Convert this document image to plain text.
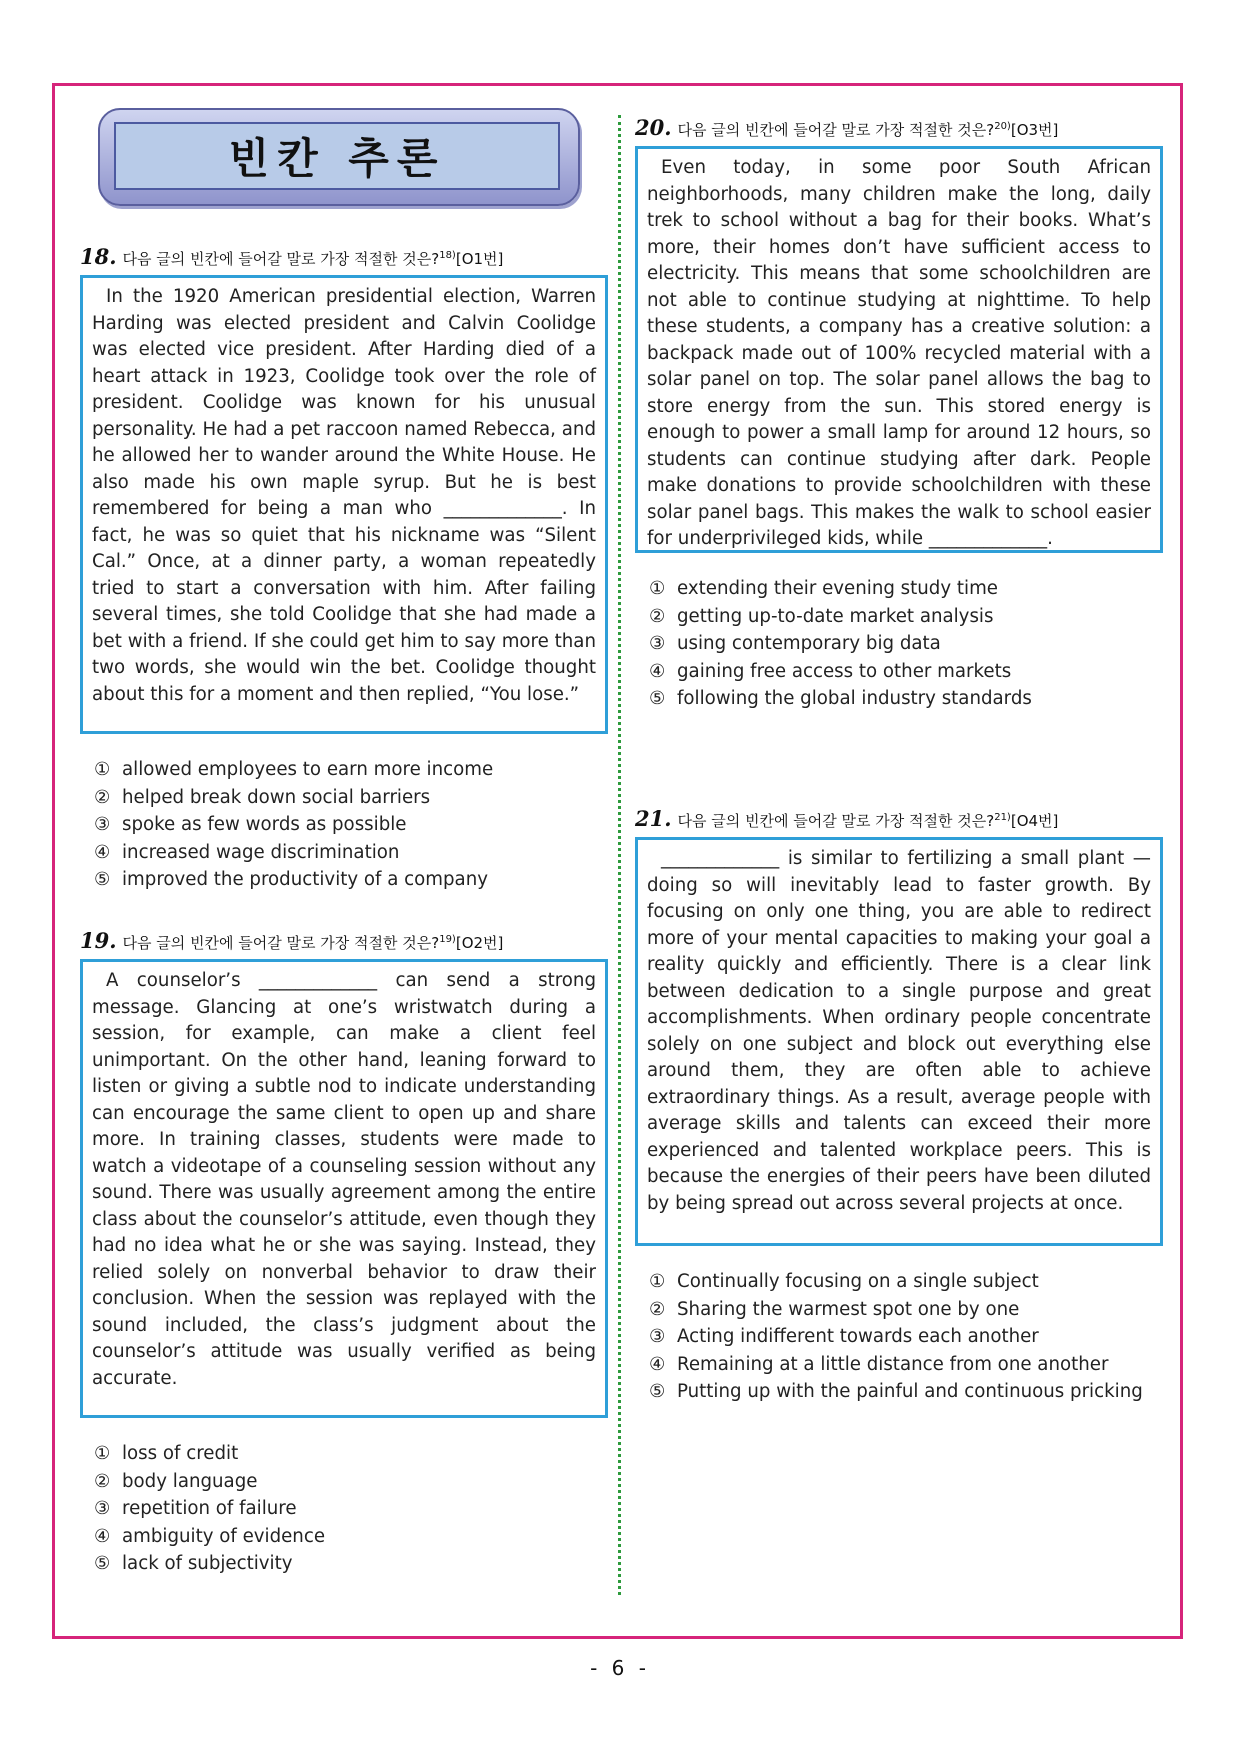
빈칸 추론
18. 다음 글의 빈칸에 들어갈 말로 가장 적절한 것은?$^{18)}$[O1번]

In the 1920 American presidential election, Warren Harding was elected president and Calvin Coolidge was elected vice president. After Harding died of a heart attack in 1923, Coolidge took over the role of president. Coolidge was known for his unusual personality. He had a pet raccoon named Rebecca, and he allowed her to wander around the White House. He also made his own maple syrup. But he is best remembered for being a man who _____________. In fact, he was so quiet that his nickname was “Silent Cal.” Once, at a dinner party, a woman repeatedly tried to start a conversation with him. After failing several times, she told Coolidge that she had made a bet with a friend. If she could get him to say more than two words, she would win the bet. Coolidge thought about this for a moment and then replied, “You lose.”

① allowed employees to earn more income
② helped break down social barriers
③ spoke as few words as possible
④ increased wage discrimination
⑤ improved the productivity of a company
19. 다음 글의 빈칸에 들어갈 말로 가장 적절한 것은?$^{19)}$[O2번]

A counselor’s _____________ can send a strong message. Glancing at one’s wristwatch during a session, for example, can make a client feel unimportant. On the other hand, leaning forward to listen or giving a subtle nod to indicate understanding can encourage the same client to open up and share more. In training classes, students were made to watch a videotape of a counseling session without any sound. There was usually agreement among the entire class about the counselor’s attitude, even though they had no idea what he or she was saying. Instead, they relied solely on nonverbal behavior to draw their conclusion. When the session was replayed with the sound included, the class’s judgment about the counselor’s attitude was usually verified as being accurate.

① loss of credit
② body language
③ repetition of failure
④ ambiguity of evidence
⑤ lack of subjectivity
20. 다음 글의 빈칸에 들어갈 말로 가장 적절한 것은?$^{20)}$[O3번]

Even today, in some poor South African neighborhoods, many children make the long, daily trek to school without a bag for their books. What’s more, their homes don’t have sufficient access to electricity. This means that some schoolchildren are not able to continue studying at nighttime. To help these students, a company has a creative solution: a backpack made out of 100% recycled material with a solar panel on top. The solar panel allows the bag to store energy from the sun. This stored energy is enough to power a small lamp for around 12 hours, so students can continue studying after dark. People make donations to provide schoolchildren with these solar panel bags. This makes the walk to school easier for underprivileged kids, while _____________.

① extending their evening study time
② getting up-to-date market analysis
③ using contemporary big data
④ gaining free access to other markets
⑤ following the global industry standards
21. 다음 글의 빈칸에 들어갈 말로 가장 적절한 것은?$^{21)}$[O4번]

_____________ is similar to fertilizing a small plant —doing so will inevitably lead to faster growth. By focusing on only one thing, you are able to redirect more of your mental capacities to making your goal a reality quickly and efficiently. There is a clear link between dedication to a single purpose and great accomplishments. When ordinary people concentrate solely on one subject and block out everything else around them, they are often able to achieve extraordinary things. As a result, average people with average skills and talents can exceed their more experienced and talented workplace peers. This is because the energies of their peers have been diluted by being spread out across several projects at once.

① Continually focusing on a single subject
② Sharing the warmest spot one by one
③ Acting indifferent towards each another
④ Remaining at a little distance from one another
⑤ Putting up with the painful and continuous pricking
- 6 -
